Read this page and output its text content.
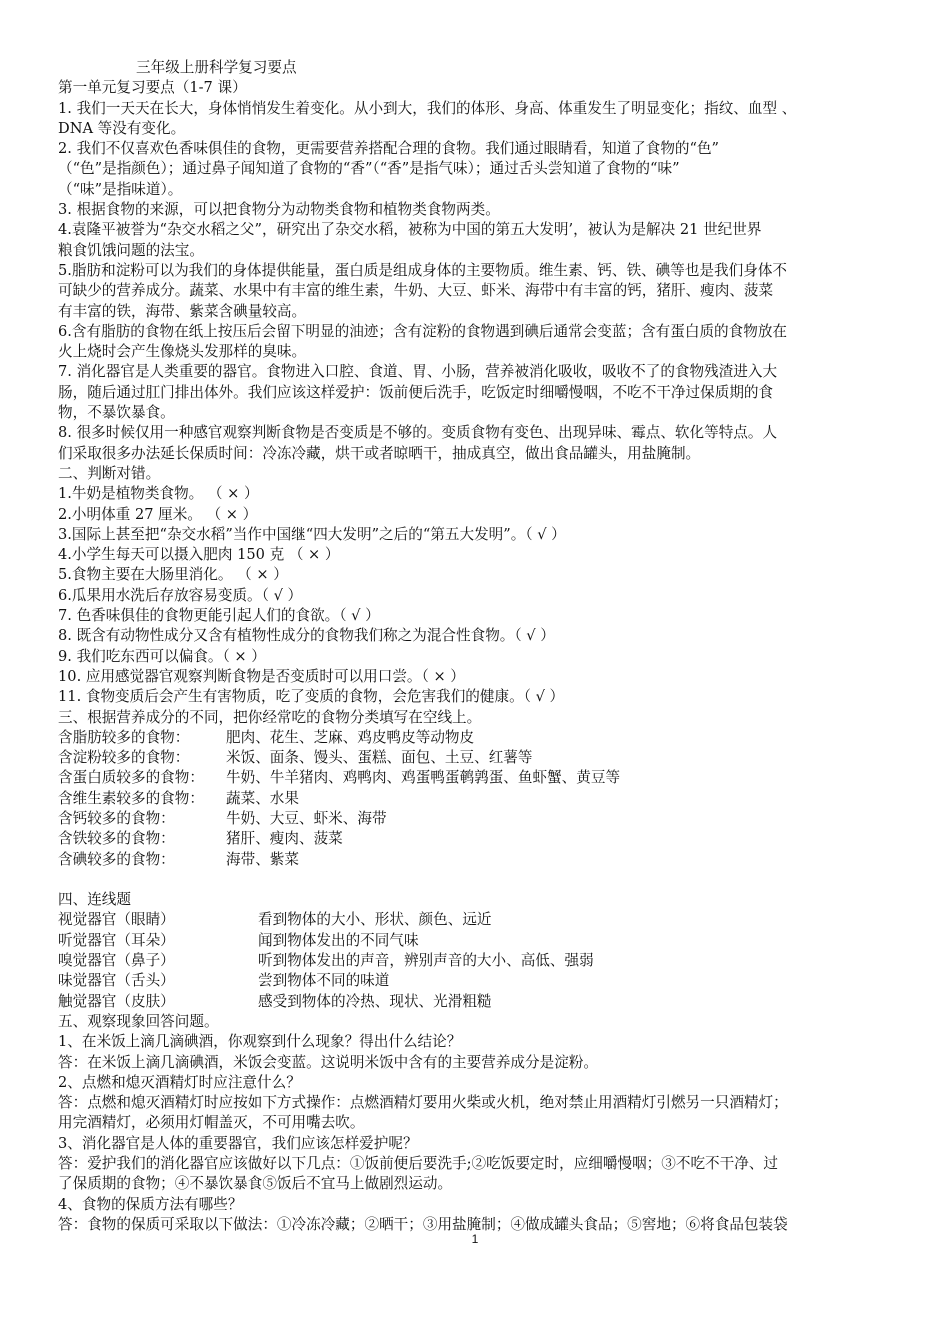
三年级上册科学复习要点
第一单元复习要点（1-7 课）
1. 我们一天天在长大，身体悄悄发生着变化。从小到大，我们的体形、身高、体重发生了明显变化；指纹、血型 、
DNA 等没有变化。
2. 我们不仅喜欢色香味俱佳的食物，更需要营养搭配合理的食物。我们通过眼睛看，知道了食物的“色”
（“色”是指颜色）；通过鼻子闻知道了食物的“香”（“香”是指气味）；通过舌头尝知道了食物的“味”
（“味”是指味道）。
3. 根据食物的来源，可以把食物分为动物类食物和植物类食物两类。
4.袁隆平被誉为“杂交水稻之父”，研究出了杂交水稻，被称为中国的第五大发明’，被认为是解决 21 世纪世界
粮食饥饿问题的法宝。
5.脂肪和淀粉可以为我们的身体提供能量，蛋白质是组成身体的主要物质。维生素、钙、铁、碘等也是我们身体不
可缺少的营养成分。蔬菜、水果中有丰富的维生素，牛奶、大豆、虾米、海带中有丰富的钙，猪肝、瘦肉、菠菜
有丰富的铁，海带、紫菜含碘量较高。
6.含有脂肪的食物在纸上按压后会留下明显的油迹；含有淀粉的食物遇到碘后通常会变蓝；含有蛋白质的食物放在
火上烧时会产生像烧头发那样的臭味。
7. 消化器官是人类重要的器官。食物进入口腔、食道、胃、小肠，营养被消化吸收，吸收不了的食物残渣进入大
肠，随后通过肛门排出体外。我们应该这样爱护：饭前便后洗手，吃饭定时细嚼慢咽，不吃不干净过保质期的食
物，不暴饮暴食。
8. 很多时候仅用一种感官观察判断食物是否变质是不够的。变质食物有变色、出现异味、霉点、软化等特点。人
们采取很多办法延长保质时间：冷冻冷藏，烘干或者晾晒干，抽成真空，做出食品罐头，用盐腌制。
二、判断对错。
1.牛奶是植物类食物。 （ × ）
2.小明体重 27 厘米。 （ × ）
3.国际上甚至把“杂交水稻”当作中国继“四大发明”之后的“第五大发明”。（ √ ）
4.小学生每天可以摄入肥肉 150 克 （ × ）
5.食物主要在大肠里消化。 （ × ）
6.瓜果用水洗后存放容易变质。（ √ ）
7. 色香味俱佳的食物更能引起人们的食欲。（ √ ）
8. 既含有动物性成分又含有植物性成分的食物我们称之为混合性食物。（ √ ）
9. 我们吃东西可以偏食。（ × ）
10. 应用感觉器官观察判断食物是否变质时可以用口尝。（ × ）
11. 食物变质后会产生有害物质，吃了变质的食物，会危害我们的健康。（ √ ）
三、根据营养成分的不同，把你经常吃的食物分类填写在空线上。
含脂肪较多的食物：	肥肉、花生、芝麻、鸡皮鸭皮等动物皮
含淀粉较多的食物：	米饭、面条、馒头、蛋糕、面包、土豆、红薯等
含蛋白质较多的食物：	牛奶、牛羊猪肉、鸡鸭肉、鸡蛋鸭蛋鹌鹑蛋、鱼虾蟹、黄豆等
含维生素较多的食物：	蔬菜、水果
含钙较多的食物：	牛奶、大豆、虾米、海带
含铁较多的食物：	猪肝、瘦肉、菠菜
含碘较多的食物：	海带、紫菜
四、连线题
视觉器官（眼睛）	看到物体的大小、形状、颜色、远近
听觉器官（耳朵）	闻到物体发出的不同气味
嗅觉器官（鼻子）	听到物体发出的声音，辨别声音的大小、高低、强弱
味觉器官（舌头）	尝到物体不同的味道
触觉器官（皮肤）	感受到物体的冷热、现状、光滑粗糙
五、观察现象回答问题。
1、在米饭上滴几滴碘酒，你观察到什么现象？得出什么结论？
答：在米饭上滴几滴碘酒，米饭会变蓝。这说明米饭中含有的主要营养成分是淀粉。
2、点燃和熄灭酒精灯时应注意什么？
答：点燃和熄灭酒精灯时应按如下方式操作：点燃酒精灯要用火柴或火机，绝对禁止用酒精灯引燃另一只酒精灯；
用完酒精灯，必须用灯帽盖灭，不可用嘴去吹。
3、消化器官是人体的重要器官，我们应该怎样爱护呢？
答：爱护我们的消化器官应该做好以下几点：①饭前便后要洗手;②吃饭要定时，应细嚼慢咽；③不吃不干净、过
了保质期的食物；④不暴饮暴食⑤饭后不宜马上做剧烈运动。
4、食物的保质方法有哪些？
答：食物的保质可采取以下做法：①冷冻冷藏；②晒干；③用盐腌制；④做成罐头食品；⑤窖地；⑥将食品包装袋
1
